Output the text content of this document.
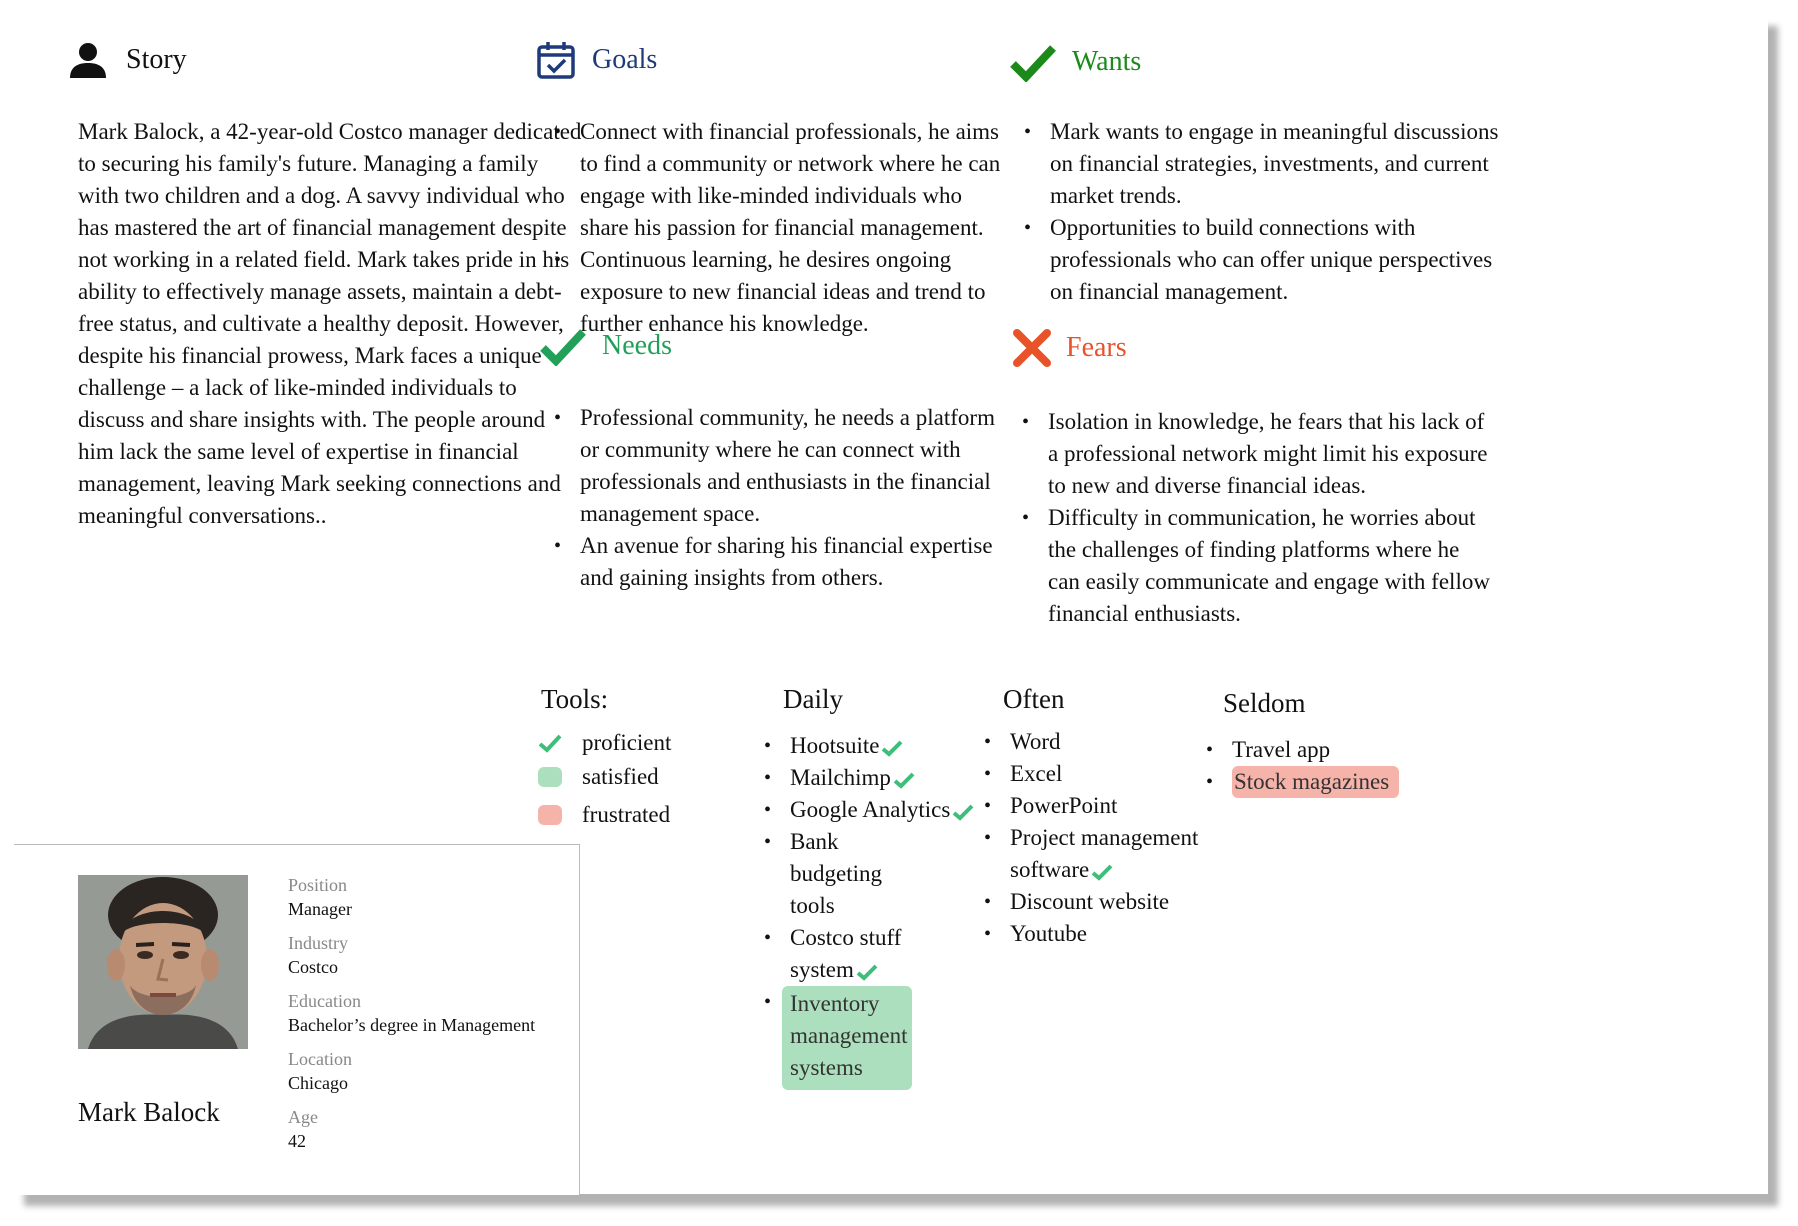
Story

Mark Balock, a 42-year-old Costco manager dedicated to securing his family's future. Managing a family with two children and a dog. A savvy individual who has mastered the art of financial management despite not working in a related field. Mark takes pride in his ability to effectively manage assets, maintain a debt-free status, and cultivate a healthy deposit. However, despite his financial prowess, Mark faces a unique challenge – a lack of like-minded individuals to discuss and share insights with. The people around him lack the same level of expertise in financial management, leaving Mark seeking connections and meaningful conversations..

Goals
• Connect with financial professionals, he aims to find a community or network where he can engage with like-minded individuals who share his passion for financial management.
• Continuous learning, he desires ongoing exposure to new financial ideas and trend to further enhance his knowledge.
Wants
• Mark wants to engage in meaningful discussions on financial strategies, investments, and current market trends.
• Opportunities to build connections with professionals who can offer unique perspectives on financial management.
Needs
• Professional community, he needs a platform or community where he can connect with professionals and enthusiasts in the financial management space.
• An avenue for sharing his financial expertise and gaining insights from others.
Fears
• Isolation in knowledge, he fears that his lack of a professional network might limit his exposure to new and diverse financial ideas.
• Difficulty in communication, he worries about the challenges of finding platforms where he can easily communicate and engage with fellow financial enthusiasts.
Tools:
proficient
satisfied
frustrated
Daily
• Hootsuite
• Mailchimp
• Google Analytics
• Bank budgeting tools
• Costco stuff system
• Inventory management systems
Often
• Word
• Excel
• PowerPoint
• Project management software
• Discount website
• Youtube
Seldom
• Travel app
• Stock magazines
Position
Manager
Industry
Costco
Education
Bachelor’s degree in Management
Location
Chicago
Age
42
Mark Balock
